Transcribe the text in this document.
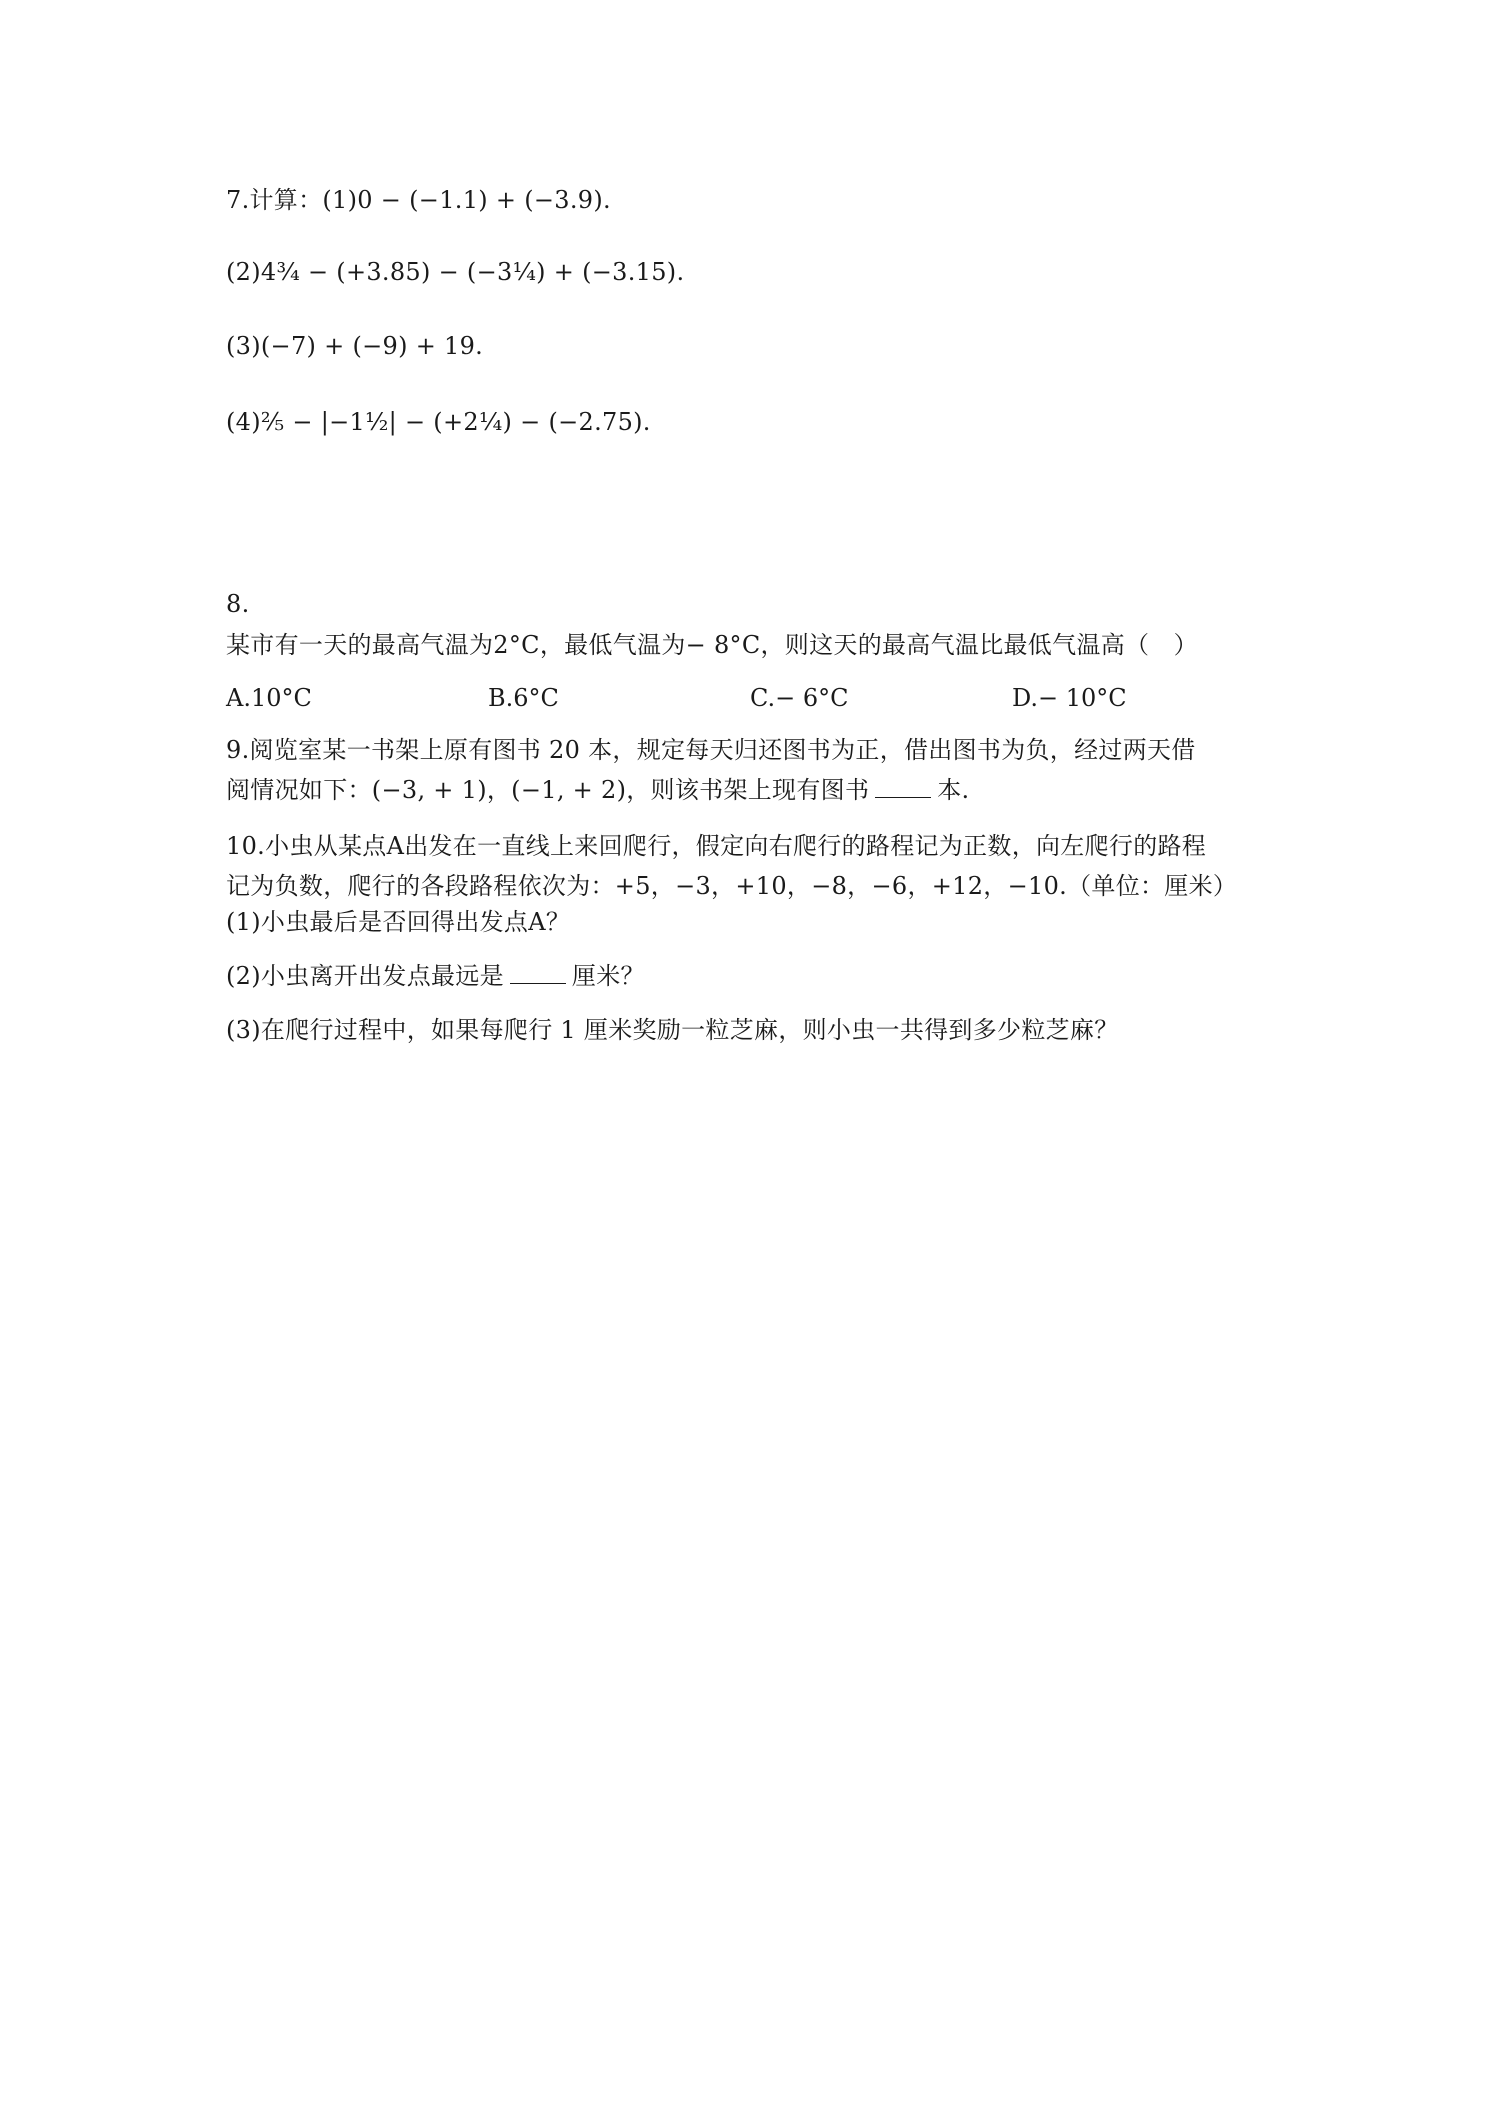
7.计算：(1)0 − (−1.1) + (−3.9).
(2)4¾ − (+3.85) − (−3¼) + (−3.15).
(3)(−7) + (−9) + 19.
(4)⅖ − |−1½| − (+2¼) − (−2.75).
8.
某市有一天的最高气温为2°C，最低气温为− 8°C，则这天的最高气温比最低气温高（　）
A.10°C	B.6°C	C.− 6°C	D.− 10°C
9.阅览室某一书架上原有图书 20 本，规定每天归还图书为正，借出图书为负，经过两天借
阅情况如下：(−3, + 1)，(−1, + 2)，则该书架上现有图书	本.
10.小虫从某点A出发在一直线上来回爬行，假定向右爬行的路程记为正数，向左爬行的路程
记为负数，爬行的各段路程依次为：+5，−3，+10，−8，−6，+12，−10.（单位：厘米）
(1)小虫最后是否回得出发点A？
(2)小虫离开出发点最远是	厘米？
(3)在爬行过程中，如果每爬行 1 厘米奖励一粒芝麻，则小虫一共得到多少粒芝麻？
